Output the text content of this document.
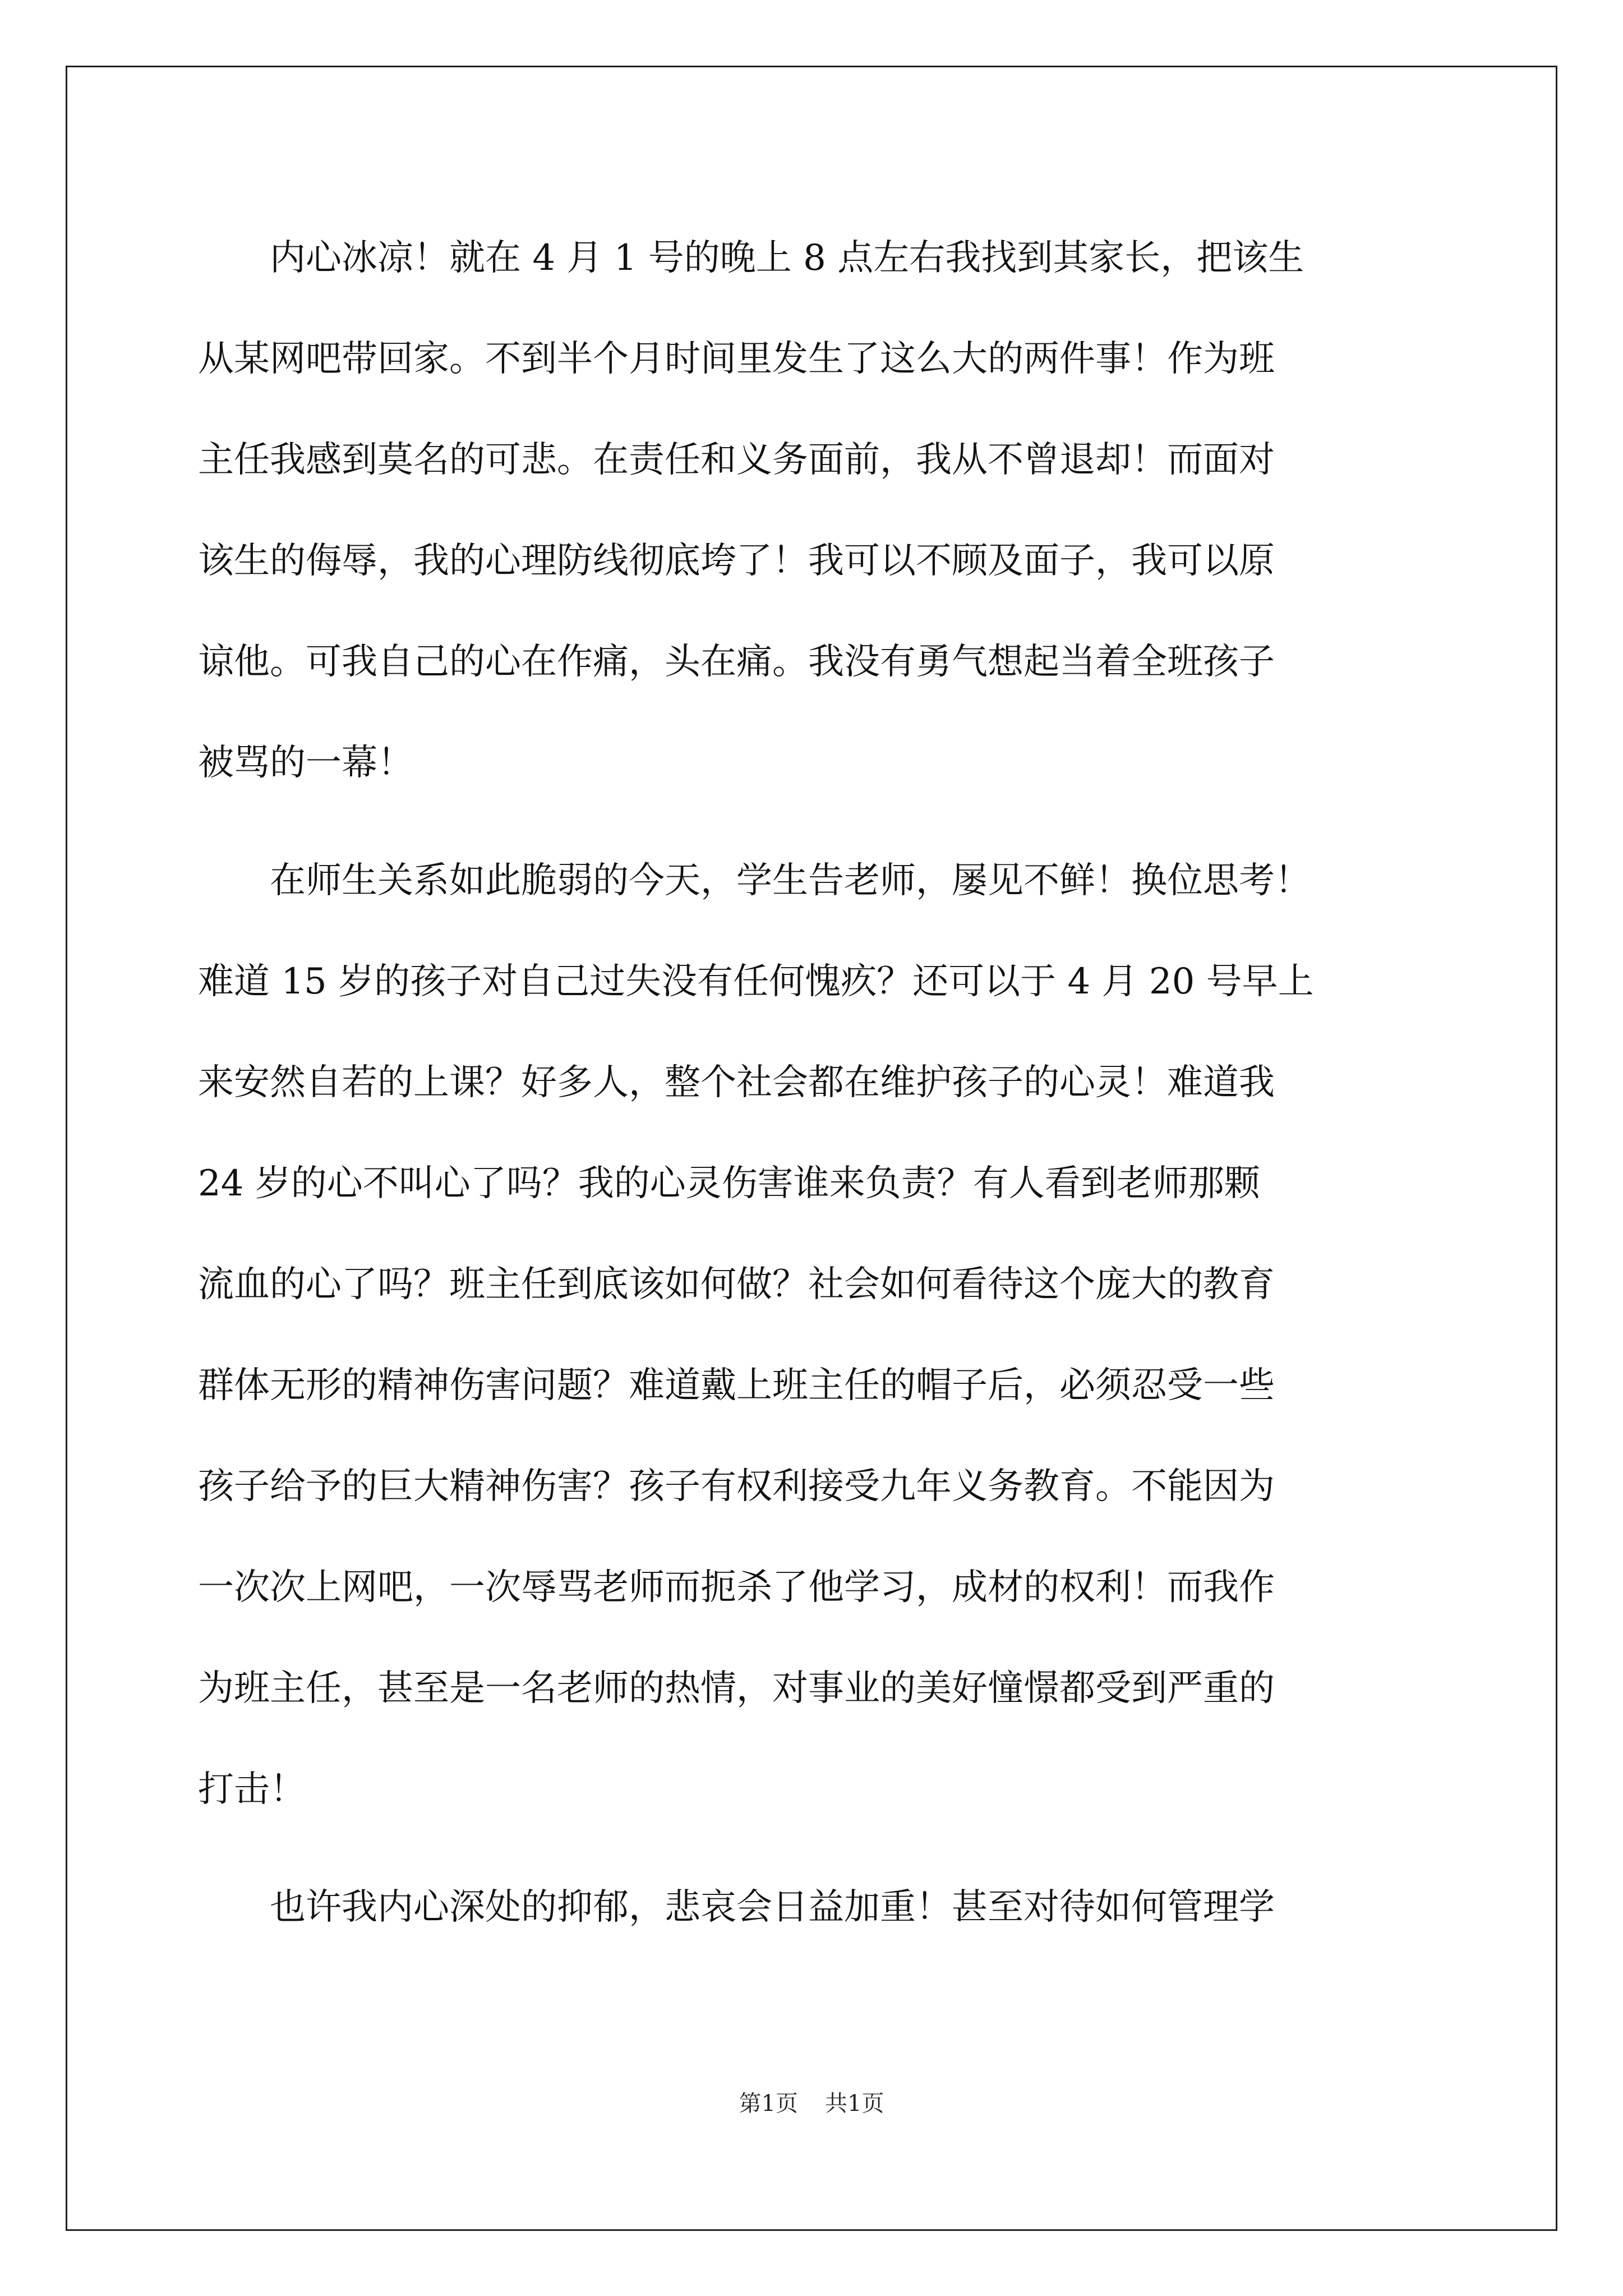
内心冰凉！就在 4 月 1 号的晚上 8 点左右我找到其家长，把该生
从某网吧带回家。不到半个月时间里发生了这么大的两件事！作为班
主任我感到莫名的可悲。在责任和义务面前，我从不曾退却！而面对
该生的侮辱，我的心理防线彻底垮了！我可以不顾及面子，我可以原
谅他。可我自己的心在作痛，头在痛。我没有勇气想起当着全班孩子
被骂的一幕！
在师生关系如此脆弱的今天，学生告老师，屡见不鲜！换位思考！
难道 15 岁的孩子对自己过失没有任何愧疚？还可以于 4 月 20 号早上
来安然自若的上课？好多人，整个社会都在维护孩子的心灵！难道我
24 岁的心不叫心了吗？我的心灵伤害谁来负责？有人看到老师那颗
流血的心了吗？班主任到底该如何做？社会如何看待这个庞大的教育
群体无形的精神伤害问题？难道戴上班主任的帽子后，必须忍受一些
孩子给予的巨大精神伤害？孩子有权利接受九年义务教育。不能因为
一次次上网吧，一次辱骂老师而扼杀了他学习，成材的权利！而我作
为班主任，甚至是一名老师的热情，对事业的美好憧憬都受到严重的
打击！
也许我内心深处的抑郁，悲哀会日益加重！甚至对待如何管理学
第1页 共1页
